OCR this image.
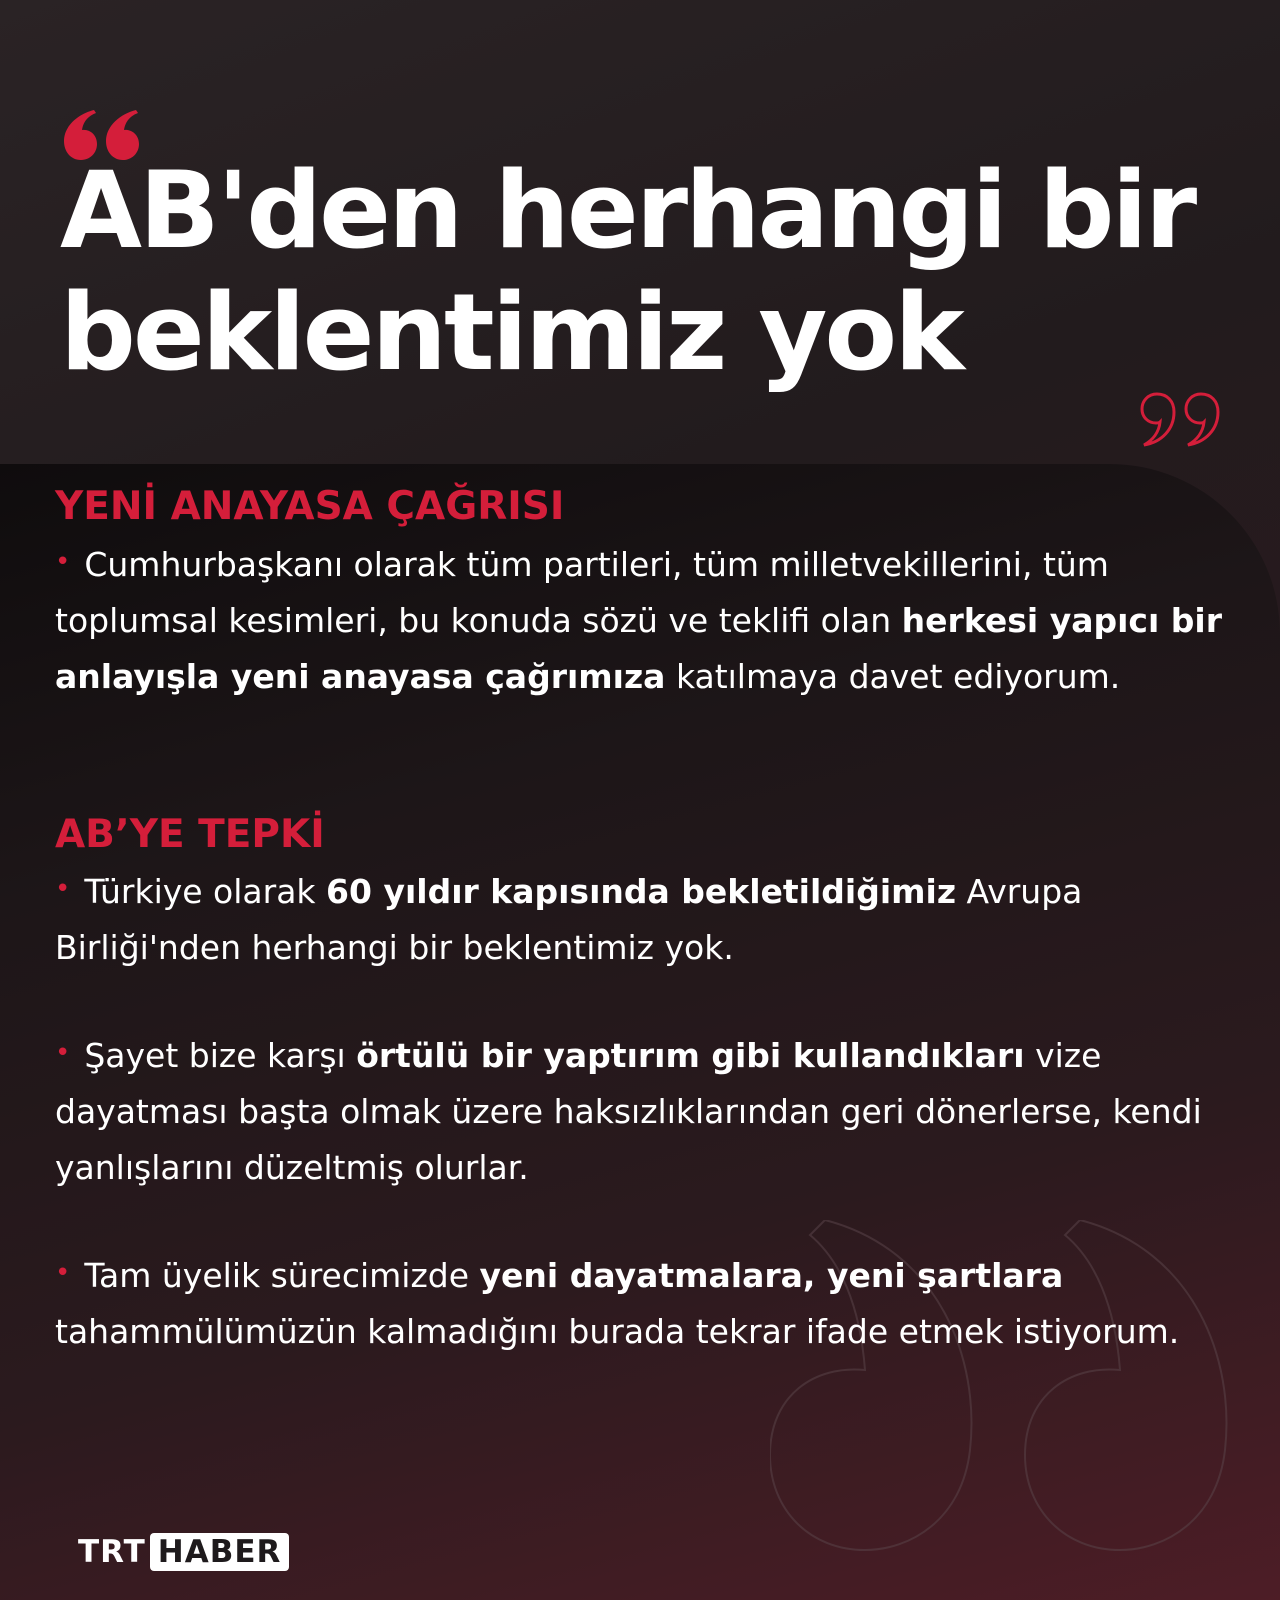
AB'den herhangi bir beklentimiz yok
YENİ ANAYASA ÇAĞRISI

• Cumhurbaşkanı olarak tüm partileri, tüm milletvekillerini, tüm toplumsal kesimleri, bu konuda sözü ve teklifi olan herkesi yapıcı bir anlayışla yeni anayasa çağrımıza katılmaya davet ediyorum.

AB’YE TEPKİ

• Türkiye olarak 60 yıldır kapısında bekletildiğimiz Avrupa Birliği'nden herhangi bir beklentimiz yok.

• Şayet bize karşı örtülü bir yaptırım gibi kullandıkları vize dayatması başta olmak üzere haksızlıklarından geri dönerlerse, kendi yanlışlarını düzeltmiş olurlar.

• Tam üyelik sürecimizde yeni dayatmalara, yeni şartlara tahammülümüzün kalmadığını burada tekrar ifade etmek istiyorum.

TRT HABER
